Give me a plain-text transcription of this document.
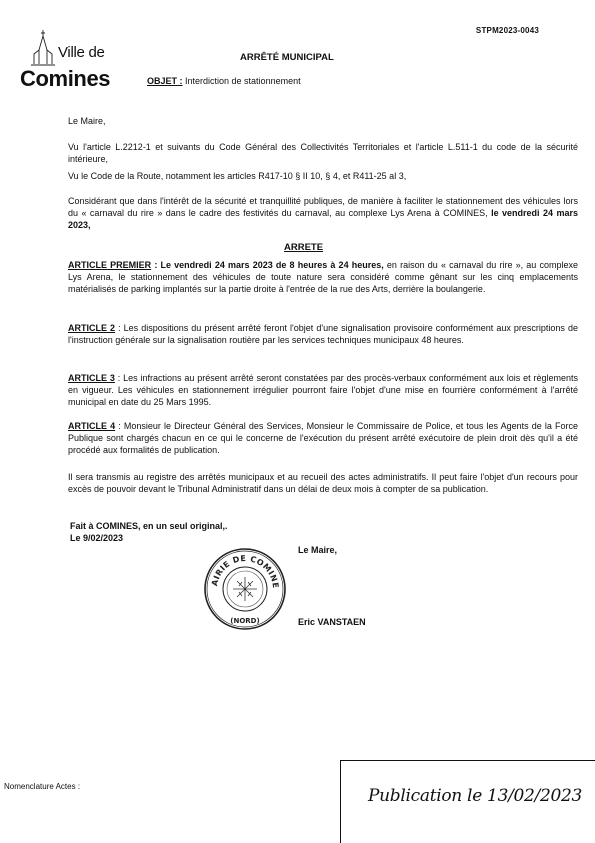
STPM2023-0043
Ville de
Comines
ARRÊTÉ MUNICIPAL
OBJET : Interdiction de stationnement
Le Maire,
Vu l'article L.2212-1 et suivants du Code Général des Collectivités Territoriales et l'article L.511-1 du code de la sécurité intérieure,
Vu le Code de la Route, notamment les articles R417-10 § II 10, § 4, et R411-25 al 3,
Considérant que dans l'intérêt de la sécurité et tranquillité publiques, de manière à faciliter le stationnement des véhicules lors du « carnaval du rire » dans le cadre des festivités du carnaval, au complexe Lys Arena à COMINES, le vendredi 24 mars 2023,
ARRETE
ARTICLE PREMIER : Le vendredi 24 mars 2023 de 8 heures à 24 heures, en raison du « carnaval du rire », au complexe Lys Arena, le stationnement des véhicules de toute nature sera considéré comme gênant sur les cinq emplacements matérialisés de parking implantés sur la partie droite à l'entrée de la rue des Arts, derrière la boulangerie.
ARTICLE 2 : Les dispositions du présent arrêté feront l'objet d'une signalisation provisoire conformément aux prescriptions de l'instruction générale sur la signalisation routière par les services techniques municipaux 48 heures.
ARTICLE 3 : Les infractions au présent arrêté seront constatées par des procès-verbaux conformément aux lois et règlements en vigueur. Les véhicules en stationnement irrégulier pourront faire l'objet d'une mise en fourrière conformément à l'arrêté municipal en date du 25 Mars 1995.
ARTICLE 4 : Monsieur le Directeur Général des Services, Monsieur le Commissaire de Police, et tous les Agents de la Force Publique sont chargés chacun en ce qui le concerne de l'exécution du présent arrêté exécutoire de plein droit dès qu'il a été procédé aux formalités de publication.
Il sera transmis au registre des arrêtés municipaux et au recueil des actes administratifs. Il peut faire l'objet d'un recours pour excès de pouvoir devant le Tribunal Administratif dans un délai de deux mois à compter de sa publication.
Fait à COMINES, en un seul original,.
Le 9/02/2023
Le Maire,
AIRIE DE COMINE
(NORD)	Eric VANSTAEN
Nomenclature Actes :	Publication le 13/02/2023
